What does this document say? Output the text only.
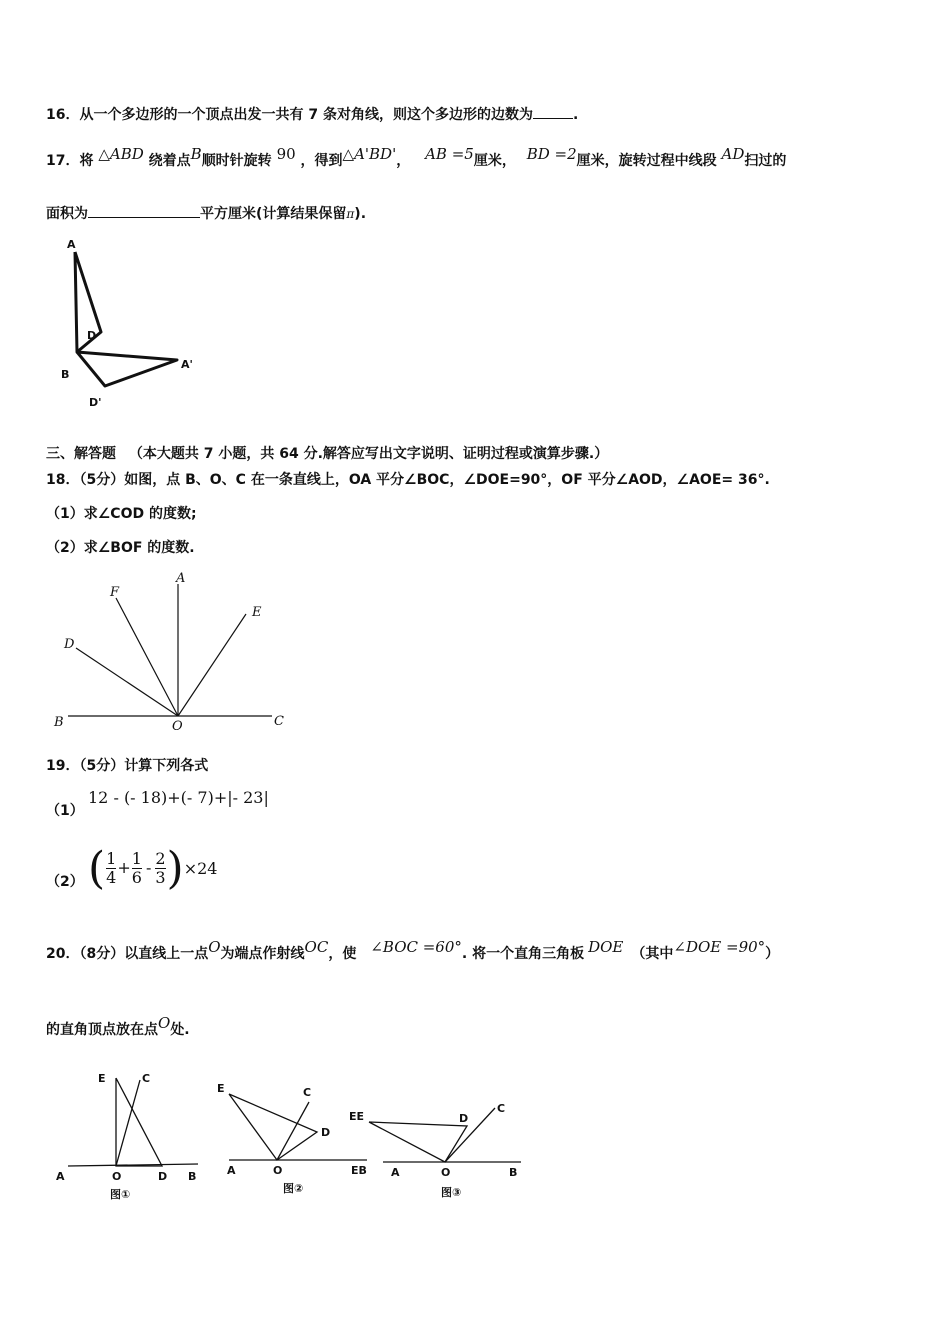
16．从一个多边形的一个顶点出发一共有 7 条对角线，则这个多边形的边数为	.
17．将 △ABD 绕着点B顺时针旋转 90 ，得到△A'BD'， AB =5厘米， BD =2厘米，旋转过程中线段 AD扫过的
面积为	平方厘米(计算结果保留π).
A
D
B
A'
D'
三、解答题 （本大题共 7 小题，共 64 分.解答应写出文字说明、证明过程或演算步骤.）
18．（5分）如图，点 B、O、C 在一条直线上，OA 平分∠BOC，∠DOE=90°，OF 平分∠AOD，∠AOE= 36°.
（1）求∠COD 的度数;
（2）求∠BOF 的度数.
F
A
E
D
B	O	C
19．（5分）计算下列各式
（1）
12 - (- 18)+(- 7)+|- 23|
（2） ( $\frac{1}{4} + \frac{1}{6} - \frac{2}{3} )\times 24$
20．（8分）以直线上一点O为端点作射线OC，使 ∠BOC =60°. 将一个直角三角板 DOE （其中∠DOE =90°）
的直角顶点放在点O处.
E	C
A	O	D B
图①
E	C
D
A	O	EB
图②
EE	D
C
A	O	B
图③
